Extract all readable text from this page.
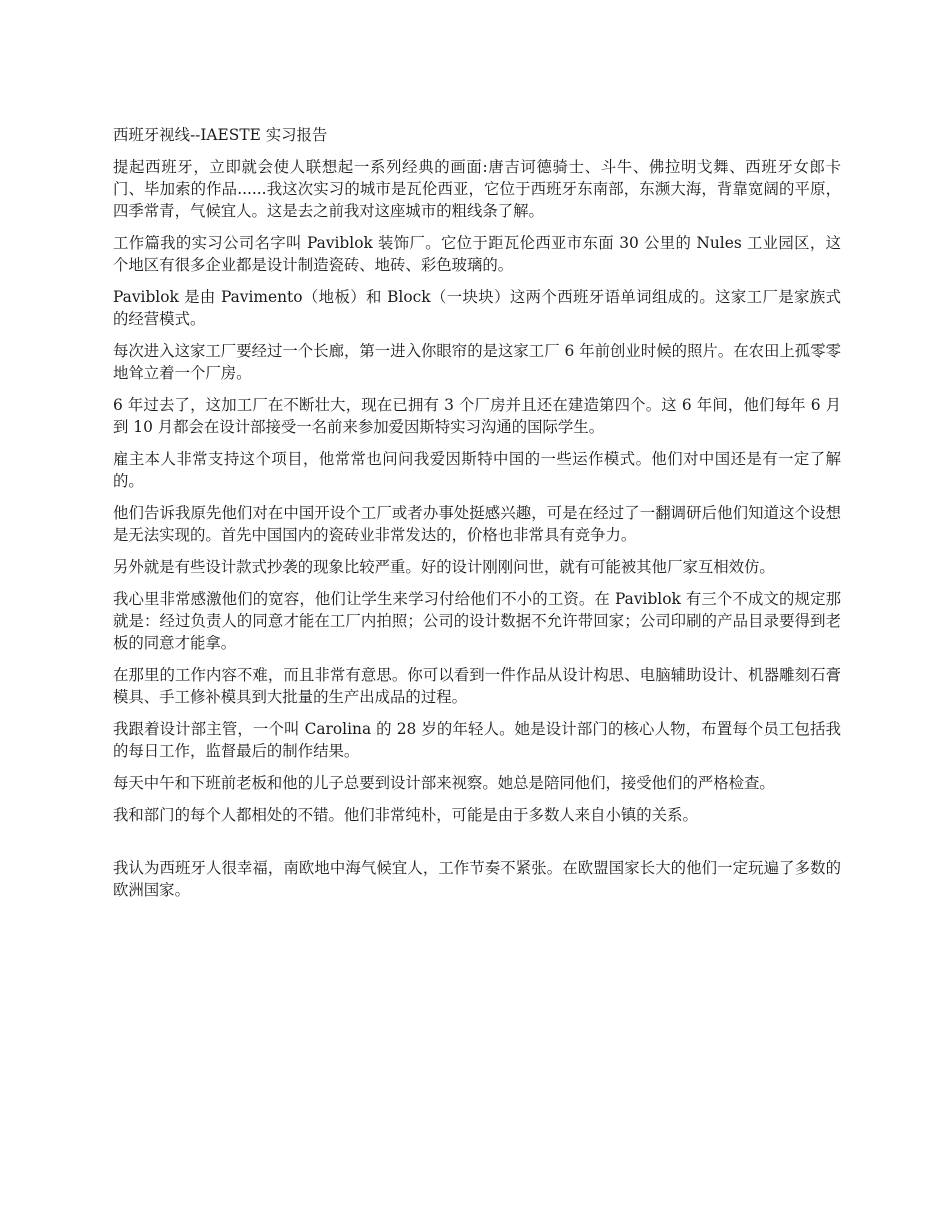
西班牙视线--IAESTE 实习报告

提起西班牙，立即就会使人联想起一系列经典的画面:唐吉诃德骑士、斗牛、佛拉明戈舞、西班牙女郎卡门、毕加索的作品......我这次实习的城市是瓦伦西亚，它位于西班牙东南部，东濒大海，背靠宽阔的平原，四季常青，气候宜人。这是去之前我对这座城市的粗线条了解。

工作篇我的实习公司名字叫 Paviblok 装饰厂。它位于距瓦伦西亚市东面 30 公里的 Nules 工业园区，这个地区有很多企业都是设计制造瓷砖、地砖、彩色玻璃的。

Paviblok 是由 Pavimento（地板）和 Block（一块块）这两个西班牙语单词组成的。这家工厂是家族式的经营模式。

每次进入这家工厂要经过一个长廊，第一进入你眼帘的是这家工厂 6 年前创业时候的照片。在农田上孤零零地耸立着一个厂房。

6 年过去了，这加工厂在不断壮大，现在已拥有 3 个厂房并且还在建造第四个。这 6 年间，他们每年 6 月到 10 月都会在设计部接受一名前来参加爱因斯特实习沟通的国际学生。

雇主本人非常支持这个项目，他常常也问问我爱因斯特中国的一些运作模式。他们对中国还是有一定了解的。

他们告诉我原先他们对在中国开设个工厂或者办事处挺感兴趣，可是在经过了一翻调研后他们知道这个设想是无法实现的。首先中国国内的瓷砖业非常发达的，价格也非常具有竞争力。

另外就是有些设计款式抄袭的现象比较严重。好的设计刚刚问世，就有可能被其他厂家互相效仿。

我心里非常感激他们的宽容，他们让学生来学习付给他们不小的工资。在 Paviblok 有三个不成文的规定那就是：经过负责人的同意才能在工厂内拍照；公司的设计数据不允许带回家；公司印刷的产品目录要得到老板的同意才能拿。

在那里的工作内容不难，而且非常有意思。你可以看到一件作品从设计构思、电脑辅助设计、机器雕刻石膏模具、手工修补模具到大批量的生产出成品的过程。

我跟着设计部主管，一个叫 Carolina 的 28 岁的年轻人。她是设计部门的核心人物，布置每个员工包括我的每日工作，监督最后的制作结果。

每天中午和下班前老板和他的儿子总要到设计部来视察。她总是陪同他们，接受他们的严格检查。

我和部门的每个人都相处的不错。他们非常纯朴，可能是由于多数人来自小镇的关系。

我认为西班牙人很幸福，南欧地中海气候宜人，工作节奏不紧张。在欧盟国家长大的他们一定玩遍了多数的欧洲国家。
